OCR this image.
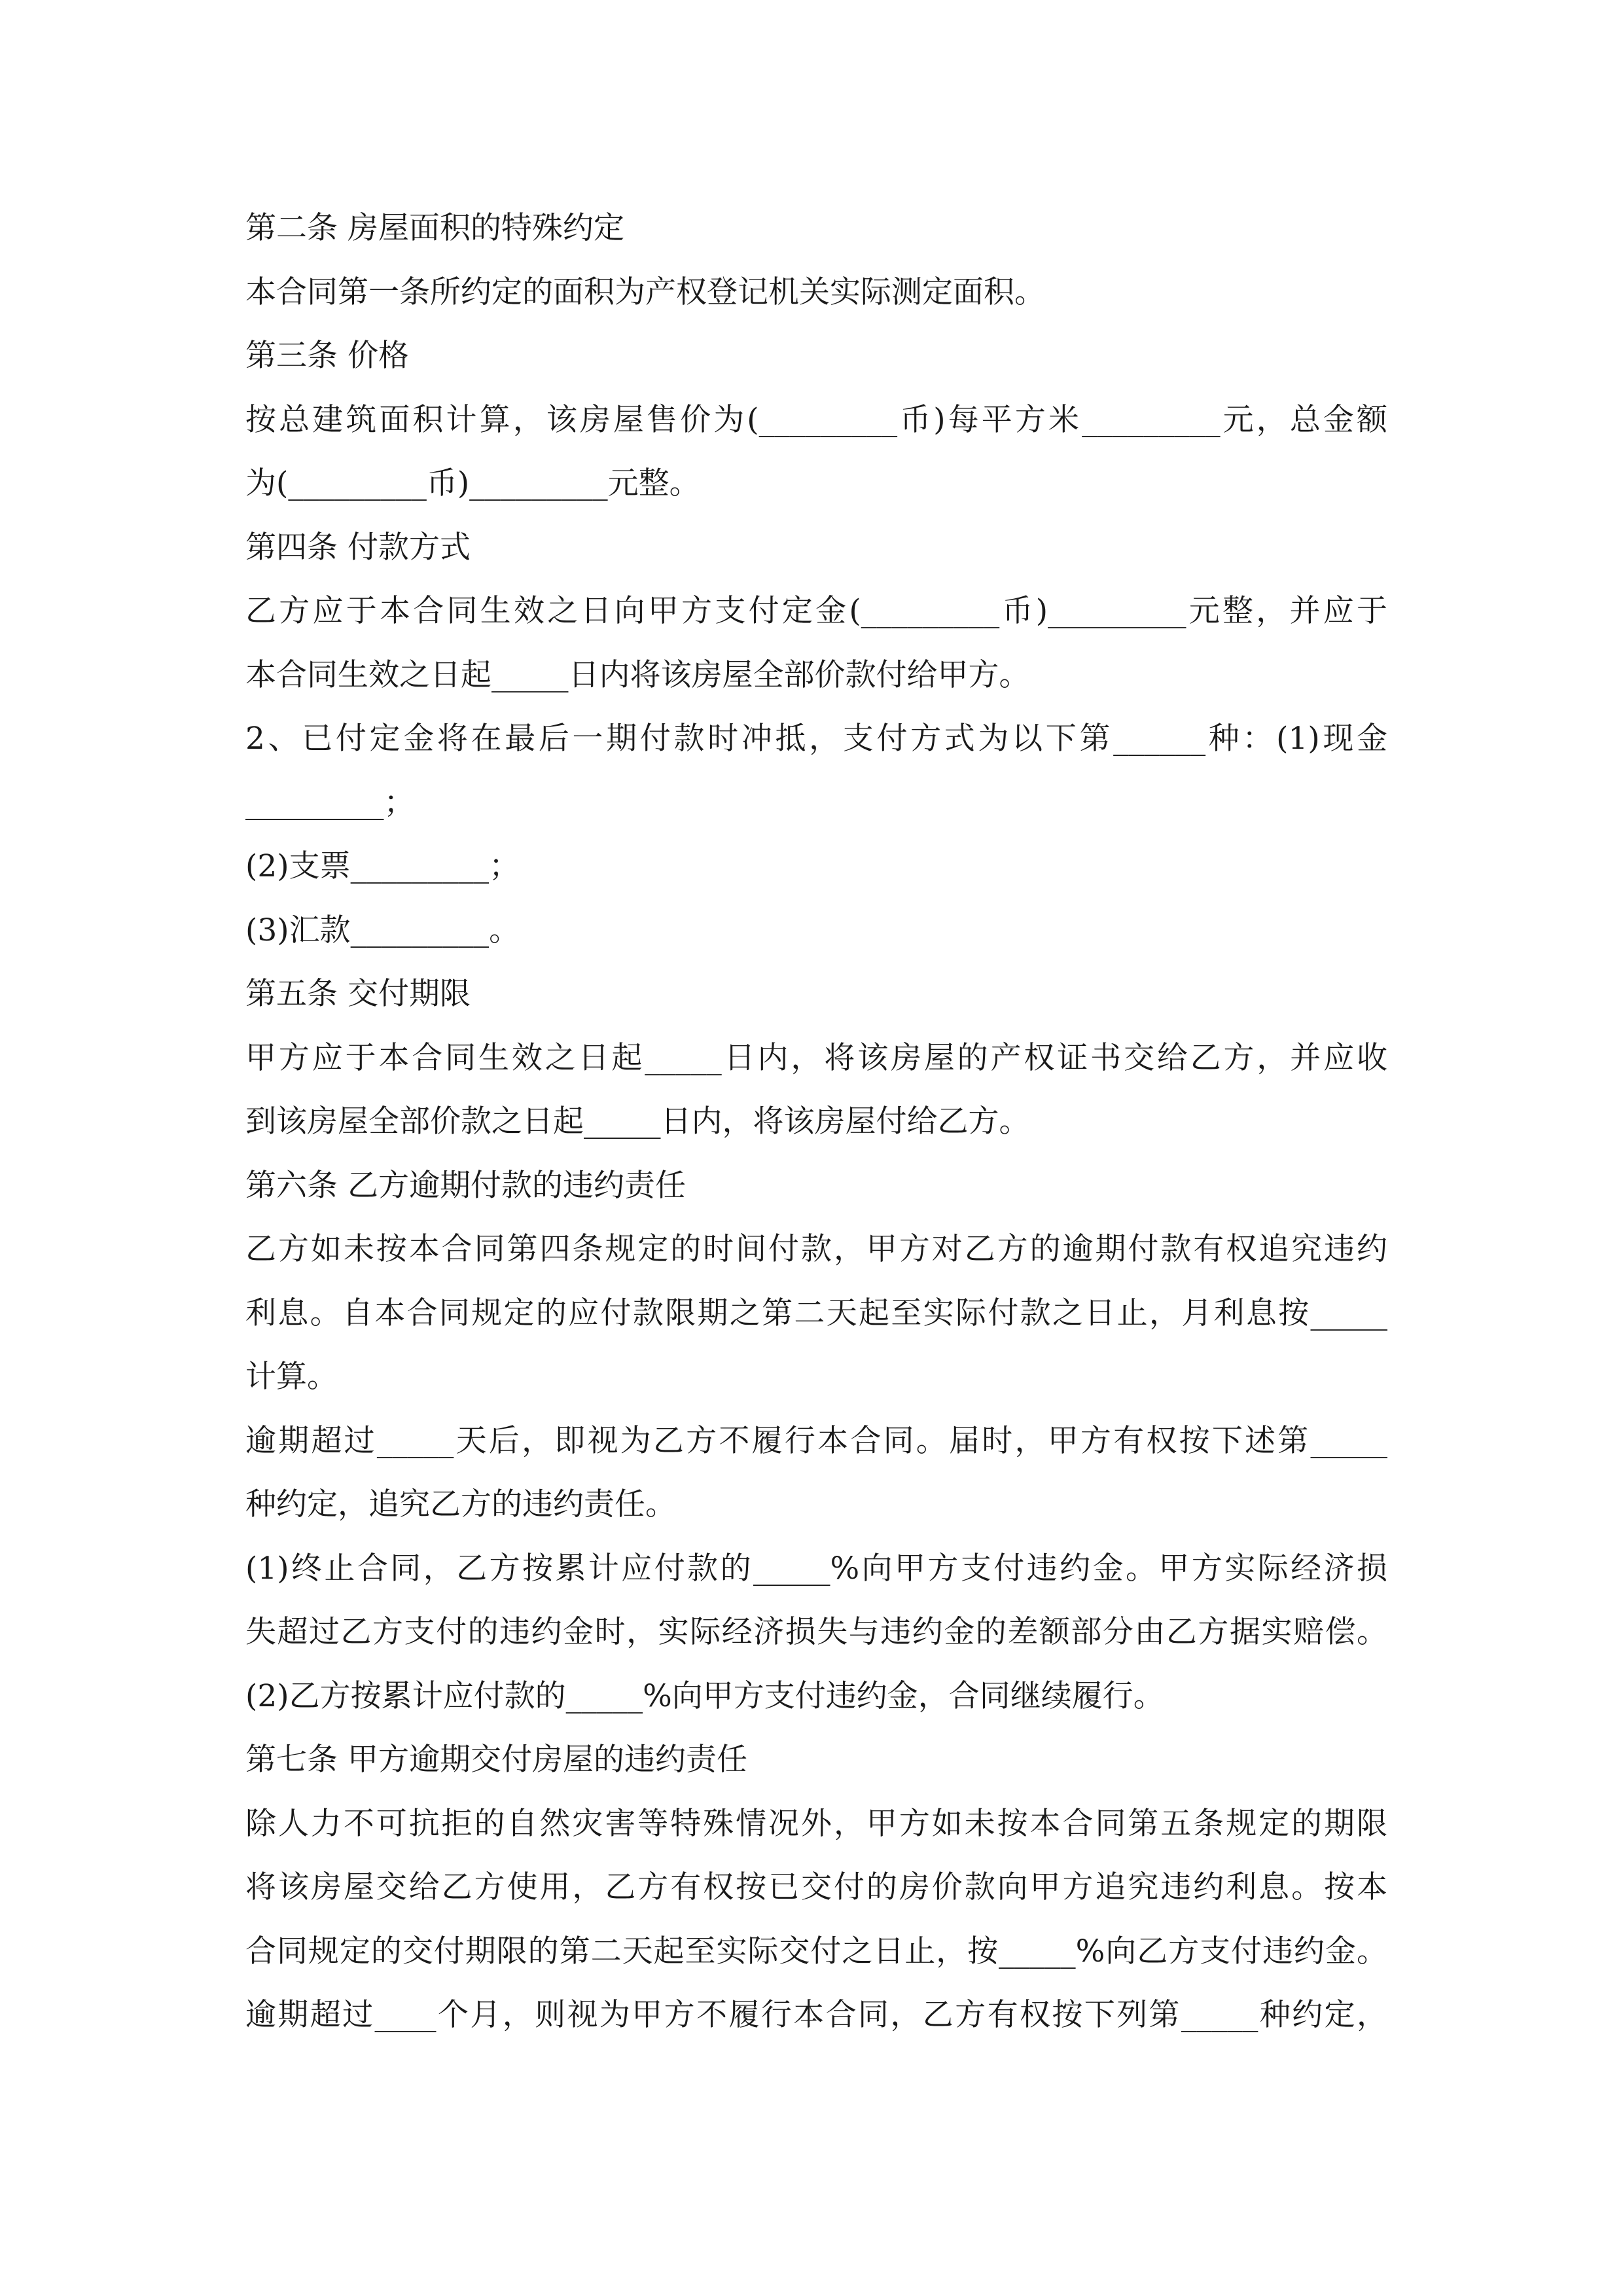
第二条 房屋面积的特殊约定
本合同第一条所约定的面积为产权登记机关实际测定面积。
第三条 价格
按总建筑面积计算，该房屋售价为(_________币)每平方米_________元，总金额
为(_________币)_________元整。
第四条 付款方式
乙方应于本合同生效之日向甲方支付定金(_________币)_________元整，并应于
本合同生效之日起_____日内将该房屋全部价款付给甲方。
2、已付定金将在最后一期付款时冲抵，支付方式为以下第______种：(1)现金
_________；
(2)支票_________；
(3)汇款_________。
第五条 交付期限
甲方应于本合同生效之日起_____日内，将该房屋的产权证书交给乙方，并应收
到该房屋全部价款之日起_____日内，将该房屋付给乙方。
第六条 乙方逾期付款的违约责任
乙方如未按本合同第四条规定的时间付款，甲方对乙方的逾期付款有权追究违约
利息。自本合同规定的应付款限期之第二天起至实际付款之日止，月利息按_____
计算。
逾期超过_____天后，即视为乙方不履行本合同。届时，甲方有权按下述第_____
种约定，追究乙方的违约责任。
(1)终止合同，乙方按累计应付款的_____%向甲方支付违约金。甲方实际经济损
失超过乙方支付的违约金时，实际经济损失与违约金的差额部分由乙方据实赔偿。
(2)乙方按累计应付款的_____%向甲方支付违约金，合同继续履行。
第七条 甲方逾期交付房屋的违约责任
除人力不可抗拒的自然灾害等特殊情况外，甲方如未按本合同第五条规定的期限
将该房屋交给乙方使用，乙方有权按已交付的房价款向甲方追究违约利息。按本
合同规定的交付期限的第二天起至实际交付之日止，按_____%向乙方支付违约金。
逾期超过____个月，则视为甲方不履行本合同，乙方有权按下列第_____种约定，
